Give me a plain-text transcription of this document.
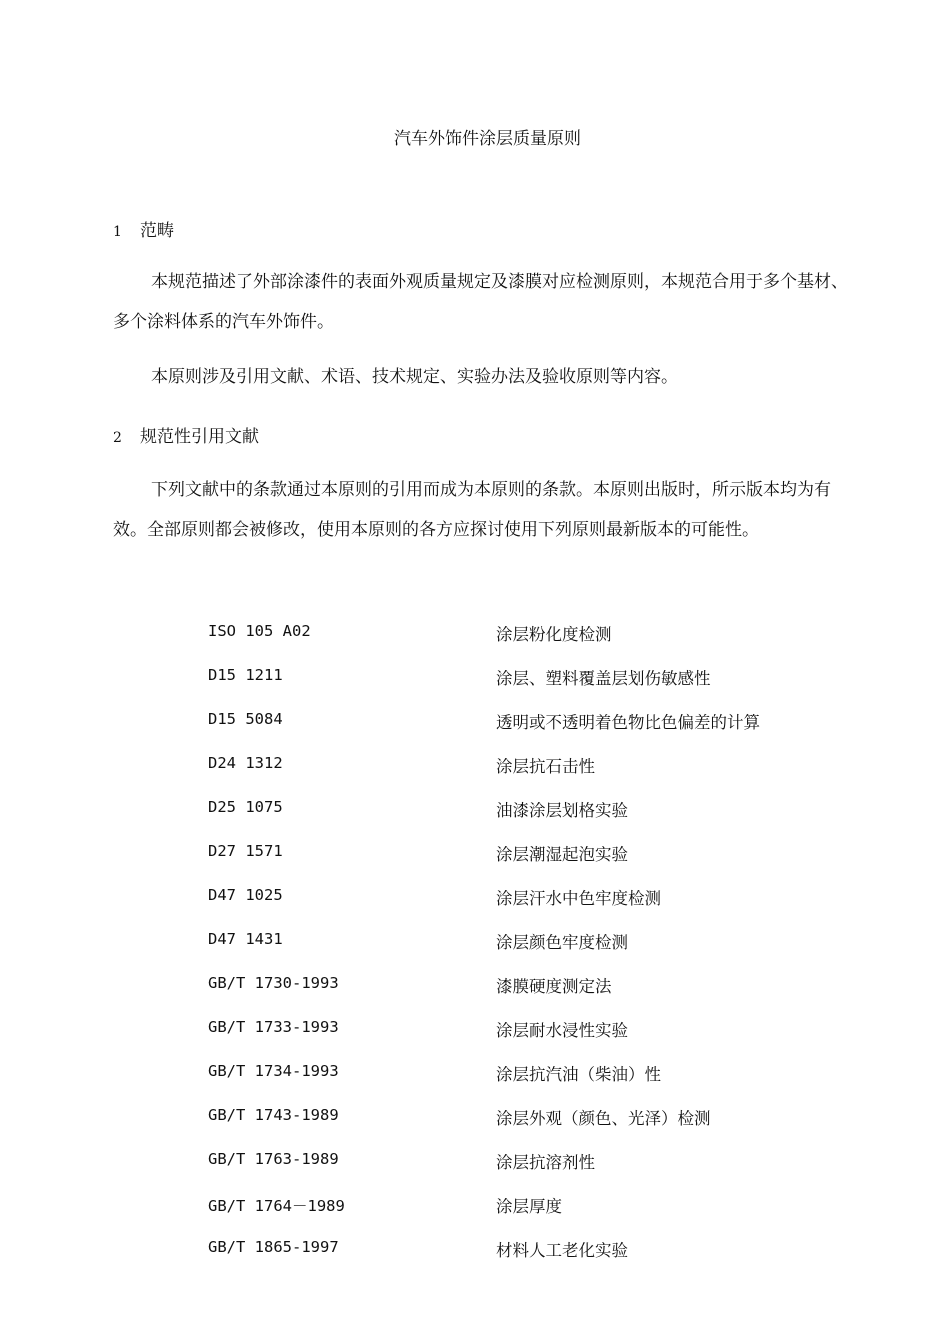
汽车外饰件涂层质量原则
1 范畴
本规范描述了外部涂漆件的表面外观质量规定及漆膜对应检测原则，本规范合用于多个基材、多个涂料体系的汽车外饰件。
本原则涉及引用文献、术语、技术规定、实验办法及验收原则等内容。
2 规范性引用文献
下列文献中的条款通过本原则的引用而成为本原则的条款。本原则出版时，所示版本均为有效。全部原则都会被修改，使用本原则的各方应探讨使用下列原则最新版本的可能性。
ISO 105 A02	涂层粉化度检测
D15 1211	涂层、塑料覆盖层划伤敏感性
D15 5084	透明或不透明着色物比色偏差的计算
D24 1312	涂层抗石击性
D25 1075	油漆涂层划格实验
D27 1571	涂层潮湿起泡实验
D47 1025	涂层汗水中色牢度检测
D47 1431	涂层颜色牢度检测
GB/T 1730-1993	漆膜硬度测定法
GB/T 1733-1993	涂层耐水浸性实验
GB/T 1734-1993	涂层抗汽油（柴油）性
GB/T 1743-1989	涂层外观（颜色、光泽）检测
GB/T 1763-1989	涂层抗溶剂性
GB/T 1764－1989	涂层厚度
GB/T 1865-1997	材料人工老化实验
